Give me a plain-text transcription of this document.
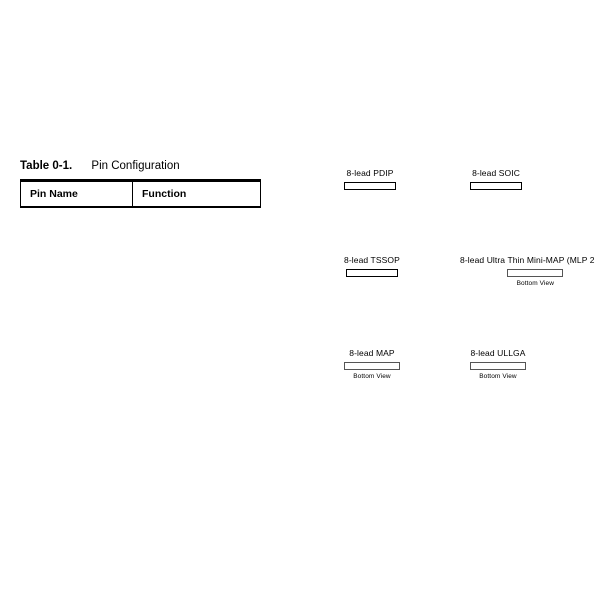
Table 0-1. Pin Configuration
Pin Name	Function
8-lead PDIP	8-lead SOIC
8-lead TSSOP	8-lead Ultra Thin Mini-MAP (MLP 2
Bottom View
8-lead MAP
Bottom View
8-lead ULLGA
Bottom View
